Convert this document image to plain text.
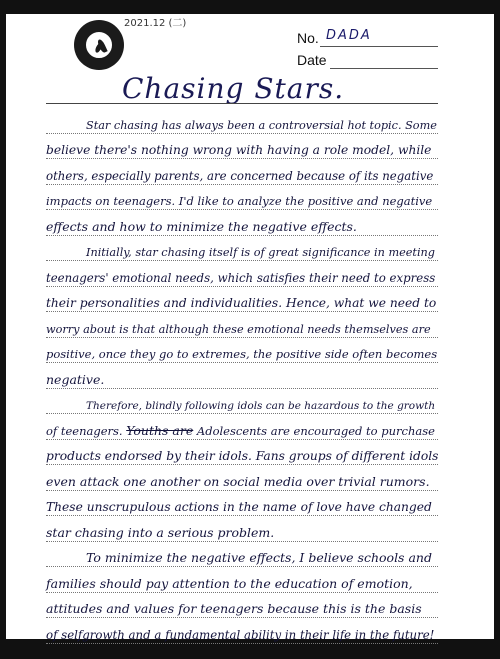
2021.12 (二)
No. DADA
Date
Chasing Stars.
Star chasing has always been a controversial hot topic. Some
believe there's nothing wrong with having a role model, while
others, especially parents, are concerned because of its negative
impacts on teenagers. I'd like to analyze the positive and negative
effects and how to minimize the negative effects.
Initially, star chasing itself is of great significance in meeting
teenagers' emotional needs, which satisfies their need to express
their personalities and individualities. Hence, what we need to
worry about is that although these emotional needs themselves are
positive, once they go to extremes, the positive side often becomes
negative.
Therefore, blindly following idols can be hazardous to the growth
of teenagers. Youths are Adolescents are encouraged to purchase
products endorsed by their idols. Fans groups of different idols
even attack one another on social media over trivial rumors.
These unscrupulous actions in the name of love have changed
star chasing into a serious problem.
To minimize the negative effects, I believe schools and
families should pay attention to the education of emotion,
attitudes and values for teenagers because this is the basis
of selfgrowth and a fundamental ability in their life in the future!
